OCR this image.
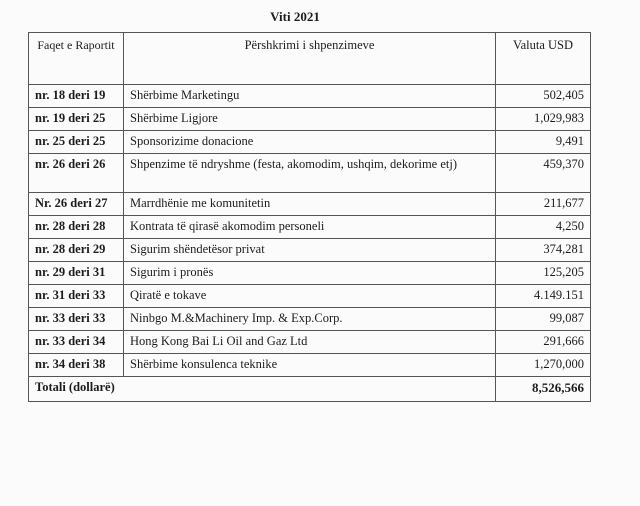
Viti 2021
Faqet e Raportit	Përshkrimi i shpenzimeve	Valuta USD
nr. 18 deri 19	Shërbime Marketingu	502,405
nr. 19 deri 25	Shërbime Ligjore	1,029,983
nr. 25 deri 25	Sponsorizime donacione	9,491
nr. 26 deri 26	Shpenzime të ndryshme (festa, akomodim, ushqim, dekorime etj)	459,370
Nr. 26 deri 27	Marrdhënie me komunitetin	211,677
nr. 28 deri 28	Kontrata të qirasë akomodim personeli	4,250
nr. 28 deri 29	Sigurim shëndetësor privat	374,281
nr. 29 deri 31	Sigurim i pronës	125,205
nr. 31 deri 33	Qiratë e tokave	4.149.151
nr. 33 deri 33	Ninbgo M.&Machinery Imp. & Exp.Corp.	99,087
nr. 33 deri 34	Hong Kong Bai Li Oil and Gaz Ltd	291,666
nr. 34 deri 38	Shërbime konsulenca teknike	1,270,000
Totali (dollarë)		8,526,566
